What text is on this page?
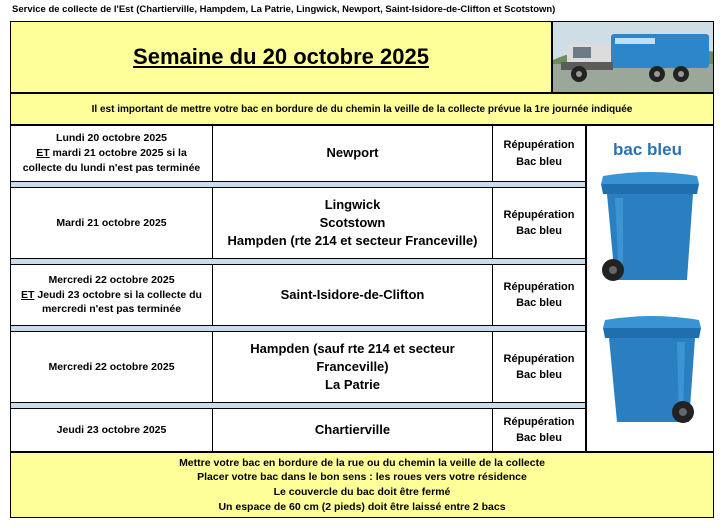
Service de collecte de l'Est (Chartierville, Hampdem, La Patrie, Lingwick, Newport, Saint-Isidore-de-Clifton et Scotstown)
Semaine du 20 octobre 2025
Il est important de mettre votre bac en bordure de du chemin la veille de la collecte prévue la 1re journée indiquée
Lundi 20 octobre 2025
ET mardi 21 octobre 2025 si la
collecte du lundi n'est pas terminée
Newport
Répupération
Bac bleu
Mardi 21 octobre 2025
Lingwick
Scotstown
Hampden (rte 214 et secteur Franceville)
Répupération
Bac bleu
Mercredi 22 octobre 2025
ET Jeudi 23 octobre si la collecte du
mercredi n'est pas terminée
Saint-Isidore-de-Clifton
Répupération
Bac bleu
Mercredi 22 octobre 2025
Hampden (sauf rte 214 et secteur Franceville)
La Patrie
Répupération
Bac bleu
Jeudi 23 octobre 2025	Chartierville
Répupération
Bac bleu
bac bleu
Mettre votre bac en bordure de la rue ou du chemin la veille de la collecte
Placer votre bac dans le bon sens : les roues vers votre résidence
Le couvercle du bac doit être fermé
Un espace de 60 cm (2 pieds) doit être laissé entre 2 bacs
